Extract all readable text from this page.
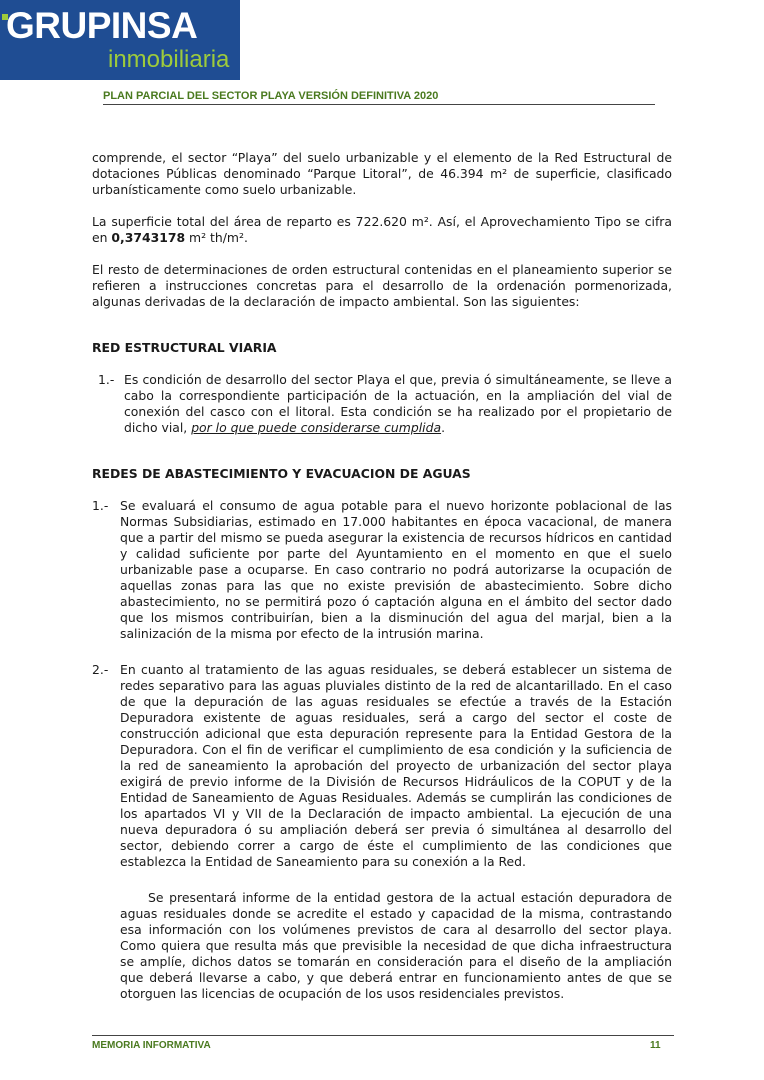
GRUPINSA
inmobiliaria
PLAN PARCIAL DEL SECTOR PLAYA VERSIÓN DEFINITIVA 2020

comprende, el sector “Playa” del suelo urbanizable y el elemento de la Red Estructural de dotaciones Públicas denominado “Parque Litoral”, de 46.394 m² de superficie, clasificado urbanísticamente como suelo urbanizable.

La superficie total del área de reparto es 722.620 m². Así, el Aprovechamiento Tipo se cifra en 0,3743178 m² th/m².

El resto de determinaciones de orden estructural contenidas en el planeamiento superior se refieren a instrucciones concretas para el desarrollo de la ordenación pormenorizada, algunas derivadas de la declaración de impacto ambiental. Son las siguientes:

RED ESTRUCTURAL VIARIA
1.- Es condición de desarrollo del sector Playa el que, previa ó simultáneamente, se lleve a cabo la correspondiente participación de la actuación, en la ampliación del vial de conexión del casco con el litoral. Esta condición se ha realizado por el propietario de dicho vial, por lo que puede considerarse cumplida.

REDES DE ABASTECIMIENTO Y EVACUACION DE AGUAS
1.- Se evaluará el consumo de agua potable para el nuevo horizonte poblacional de las Normas Subsidiarias, estimado en 17.000 habitantes en época vacacional, de manera que a partir del mismo se pueda asegurar la existencia de recursos hídricos en cantidad y calidad suficiente por parte del Ayuntamiento en el momento en que el suelo urbanizable pase a ocuparse. En caso contrario no podrá autorizarse la ocupación de aquellas zonas para las que no existe previsión de abastecimiento. Sobre dicho abastecimiento, no se permitirá pozo ó captación alguna en el ámbito del sector dado que los mismos contribuirían, bien a la disminución del agua del marjal, bien a la salinización de la misma por efecto de la intrusión marina.

2.- En cuanto al tratamiento de las aguas residuales, se deberá establecer un sistema de redes separativo para las aguas pluviales distinto de la red de alcantarillado. En el caso de que la depuración de las aguas residuales se efectúe a través de la Estación Depuradora existente de aguas residuales, será a cargo del sector el coste de construcción adicional que esta depuración represente para la Entidad Gestora de la Depuradora. Con el fin de verificar el cumplimiento de esa condición y la suficiencia de la red de saneamiento la aprobación del proyecto de urbanización del sector playa exigirá de previo informe de la División de Recursos Hidráulicos de la COPUT y de la Entidad de Saneamiento de Aguas Residuales. Además se cumplirán las condiciones de los apartados VI y VII de la Declaración de impacto ambiental. La ejecución de una nueva depuradora ó su ampliación deberá ser previa ó simultánea al desarrollo del sector, debiendo correr a cargo de éste el cumplimiento de las condiciones que establezca la Entidad de Saneamiento para su conexión a la Red.

Se presentará informe de la entidad gestora de la actual estación depuradora de aguas residuales donde se acredite el estado y capacidad de la misma, contrastando esa información con los volúmenes previstos de cara al desarrollo del sector playa. Como quiera que resulta más que previsible la necesidad de que dicha infraestructura se amplíe, dichos datos se tomarán en consideración para el diseño de la ampliación que deberá llevarse a cabo, y que deberá entrar en funcionamiento antes de que se otorguen las licencias de ocupación de los usos residenciales previstos.

MEMORIA INFORMATIVA	11
